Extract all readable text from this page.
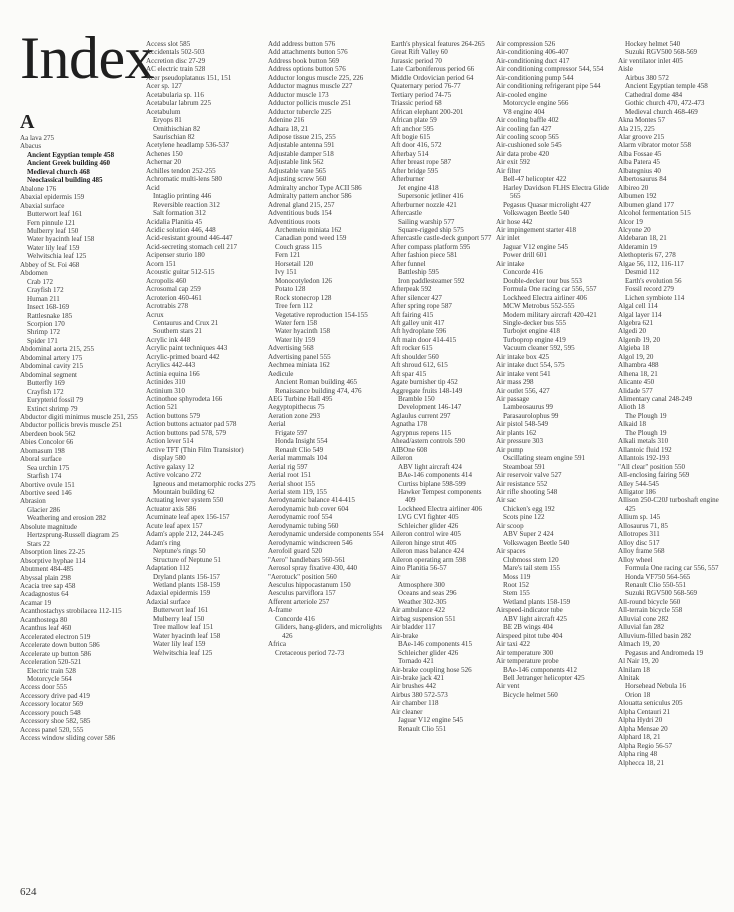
Index
A
Aa lava 275
Abacus
Ancient Egyptian temple 458
Ancient Greek building 460
Medieval church 468
Neoclassical building 485
Abalone 176
Abaxial epidermis 159
Abaxial surface
Butterwort leaf 161
Fern pinnule 121
Mulberry leaf 150
Water hyacinth leaf 158
Water lily leaf 159
Welwitschia leaf 125
Abbey of St. Foi 468
Abdomen
Crab 172
Crayfish 172
Human 211
Insect 168-169
Rattlesnake 185
Scorpion 170
Shrimp 172
Spider 171
Abdominal aorta 215, 255
Abdominal artery 175
Abdominal cavity 215
Abdominal segment
Butterfly 169
Crayfish 172
Eurypterid fossil 79
Extinct shrimp 79
Abductor digiti minimus muscle 251, 255
Abductor pollicis brevis muscle 251
Aberdeen book 562
Abies Concolor 66
Abomasum 198
Aboral surface
Sea urchin 175
Starfish 174
Abortive ovule 151
Abortive seed 146
Abrasion
Glacier 286
Weathering and erosion 282
Absolute magnitude
Hertzsprung-Russell diagram 25
Stars 22
Absorption lines 22-25
Absorptive hyphae 114
Abutment 484-485
Abyssal plain 298
Acacia tree sap 458
Acadagnostus 64
Acamar 19
Acanthostachys strobilacea 112-115
Acanthostega 80
Acanthus leaf 460
Accelerated electron 519
Accelerate down button 586
Accelerate up button 586
Acceleration 520-521
Electric train 528
Motorcycle 564
Access door 555
Accessory drive pad 419
Accessory locator 569
Accessory pouch 548
Accessory shoe 582, 585
Access panel 520, 555
Access window sliding cover 586
Access slot 585
Accidentals 502-503
Accretion disc 27-29
AC electric train 528
Acer pseudoplatanus 151, 151
Acer sp. 127
Acetabularia sp. 116
Acetabular labrum 225
Acetabulum
Eryops 81
Ornithischian 82
Saurischian 82
Acetylene headlamp 536-537
Achenes 150
Achernar 20
Achilles tendon 252-255
Achromatic multi-lens 580
Acid
Intaglio printing 446
Reversible reaction 312
Salt formation 312
Acidalia Planitia 45
Acidic solution 446, 448
Acid-resistant ground 446-447
Acid-secreting stomach cell 217
Acipenser sturio 180
Acorn 151
Acoustic guitar 512-515
Acropolis 460
Acrosomal cap 259
Acroterion 460-461
Acrotrabis 278
Acrux
Centaurus and Crux 21
Southern stars 21
Acrylic ink 448
Acrylic paint techniques 443
Acrylic-primed board 442
Acrylics 442-443
Actinia equina 166
Actinides 310
Actinium 310
Actinothoe sphyrodeta 166
Action 521
Action buttons 579
Action buttons actuator pad 578
Action buttons pad 578, 579
Action lever 514
Active TFT (Thin Film Transistor) display 580
Active galaxy 12
Active volcano 272
Igneous and metamorphic rocks 275
Mountain building 62
Actuating lever system 550
Actuator axis 586
Acuminate leaf apex 156-157
Acute leaf apex 157
Adam's apple 212, 244-245
Adam's ring
Neptune's rings 50
Structure of Neptune 51
Adaptation 112
Dryland plants 156-157
Wetland plants 158-159
Adaxial epidermis 159
Adaxial surface
Butterwort leaf 161
Mulberry leaf 150
Tree mallow leaf 151
Water hyacinth leaf 158
Water lily leaf 159
Welwitschia leaf 125
Add address button 576
Add attachments button 576
Address book button 569
Address options button 576
Adductor longus muscle 225, 226
Adductor magnus muscle 227
Adductor muscle 173
Adductor pollicis muscle 251
Adductor tubercle 225
Adenine 216
Adhara 18, 21
Adipose tissue 215, 255
Adjustable antenna 591
Adjustable damper 518
Adjustable link 562
Adjustable vane 565
Adjusting screw 560
Admiralty anchor Type ACII 586
Admiralty pattern anchor 586
Adrenal gland 215, 257
Adventitious buds 154
Adventitious roots
Archemeiu miniata 162
Canadian pond weed 159
Couch grass 115
Fern 121
Horsetail 120
Ivy 151
Monocotyledon 126
Potato 128
Rock stonecrop 128
Tree fern 112
Vegetative reproduction 154-155
Water fern 158
Water hyacinth 158
Water lily 159
Advertising 568
Advertising panel 555
Aechmea miniata 162
Aedicule
Ancient Roman building 465
Renaissance building 474, 476
AEG Turbine Hall 495
Aegyptopithecus 75
Aeration zone 293
Aerial
Frigate 597
Honda Insight 554
Renault Clio 549
Aerial mammals 104
Aerial rig 597
Aerial root 151
Aerial shoot 155
Aerial stem 119, 155
Aerodynamic balance 414-415
Aerodynamic hub cover 604
Aerodynamic roof 554
Aerodynamic tubing 560
Aerodynamic underside components 554
Aerodynamic windscreen 546
Aerofoil guard 520
"Aero" handlebars 560-561
Aerosol spray fixative 430, 440
"Aerotuck" position 560
Aesculus hippocastanum 150
Aesculus parviflora 157
Afferent arteriole 257
A-frame
Concorde 416
Gliders, hang-gliders, and microlights 426
Africa
Cretaceous period 72-73
Earth's physical features 264-265
Great Rift Valley 60
Jurassic period 70
Late Carboniferous period 66
Middle Ordovician period 64
Quaternary period 76-77
Tertiary period 74-75
Triassic period 68
African elephant 200-201
African plate 59
Aft anchor 595
Aft bogie 615
Aft door 416, 572
Afterbay 514
After breast rope 587
After bridge 595
Afterburner
Jet engine 418
Supersonic jetliner 416
Afterburner nozzle 421
Aftercastle
Sailing warship 577
Square-rigged ship 575
Aftercastle castle-deck gunport 577
After compass platform 595
After fashion piece 581
After funnel
Battleship 595
Iron paddlesteamer 592
Afterpeak 592
After silencer 427
After spring rope 587
Aft fairing 415
Aft galley unit 417
Aft hydroplane 596
Aft main door 414-415
Aft rocker 615
Aft shoulder 560
Aft shroud 612, 615
Aft spar 415
Agate burnisher tip 452
Aggregate fruits 148-149
Bramble 150
Development 146-147
Aglaulus current 297
Agnatha 178
Agrypnus repens 115
Ahead/astern controls 590
AIBOne 608
Aileron
ABV light aircraft 424
BAe-146 components 414
Curtiss biplane 598-599
Hawker Tempest components 409
Lockheed Electra airliner 406
LVG CVI fighter 405
Schleicher glider 426
Aileron control wire 405
Aileron hinge strut 405
Aileron mass balance 424
Aileron operating arm 598
Aino Planitia 56-57
Air
Atmosphere 300
Oceans and seas 296
Weather 302-305
Air ambulance 422
Airbag suspension 551
Air bladder 117
Air-brake
BAe-146 components 415
Schleicher glider 426
Tornado 421
Air-brake coupling hose 526
Air-brake jack 421
Air brushes 442
Airbus 380 572-573
Air chamber 118
Air cleaner
Jaguar V12 engine 545
Renault Clio 551
Air compression 526
Air-conditioning 406-407
Air-conditioning duct 417
Air conditioning compressor 544, 554
Air-conditioning pump 544
Air conditioning refrigerant pipe 544
Air-cooled engine
Motorcycle engine 566
V8 engine 404
Air cooling baffle 402
Air cooling fan 427
Air cooling scoop 565
Air-cushioned sole 545
Air data probe 420
Air exit 592
Air filter
Bell-47 helicopter 422
Harley Davidson FLHS Electra Glide 565
Pegasus Quasar microlight 427
Volkswagen Beetle 540
Air hose 442
Air impingement starter 418
Air inlet
Jaguar V12 engine 545
Power drill 601
Air intake
Concorde 416
Double-decker tour bus 553
Formula One racing car 556, 557
Lockheed Electra airliner 406
MCW Metrobus 552-555
Modern military aircraft 420-421
Single-decker bus 555
Turbojet engine 418
Turboprop engine 419
Vacuum cleaner 592, 595
Air intake box 425
Air intake duct 554, 575
Air intake vent 541
Air mass 298
Air outlet 556, 427
Air passage
Lambeosaurus 99
Parasaurolophus 99
Air pistol 548-549
Air plants 162
Air pressure 303
Air pump
Oscillating steam engine 591
Steamboat 591
Air reservoir valve 527
Air resistance 552
Air rifle shooting 548
Air sac
Chicken's egg 192
Scots pine 122
Air scoop
ABV Super 2 424
Volkswagen Beetle 540
Air spaces
Clubmoss stem 120
Mare's tail stem 155
Moss 119
Root 152
Stem 155
Wetland plants 158-159
Airspeed-indicator tube
ABV light aircraft 425
BE 2B wings 404
Airspeed pitot tube 404
Air taxi 422
Air temperature 300
Air temperature probe
BAe-146 components 412
Bell Jetranger helicopter 425
Air vent
Bicycle helmet 560
Hockey helmet 540
Suzuki RGV500 568-569
Air ventilator inlet 405
Aisle
Airbus 380 572
Ancient Egyptian temple 458
Cathedral dome 484
Gothic church 470, 472-473
Medieval church 468-469
Akna Montes 57
Ala 215, 225
Alar groove 215
Alarm vibrator motor 558
Alba Fossae 45
Alba Patera 45
Albategnius 40
Albertosaurus 84
Albireo 20
Albumen 192
Albumen gland 177
Alcohol fermentation 515
Alcor 19
Alcyone 20
Aldebaran 18, 21
Alderamin 19
Alethopteris 67, 278
Algae 56, 112, 116-117
Desmid 112
Earth's evolution 56
Fossil record 279
Lichen symbiote 114
Algal cell 114
Algal layer 114
Algebra 621
Algedi 20
Algenib 19, 20
Algieba 18
Algol 19, 20
Alhambra 488
Alhena 18, 21
Alicante 450
Alidade 577
Alimentary canal 248-249
Alioth 18
The Plough 19
Alkaid 18
The Plough 19
Alkali metals 310
Allantoic fluid 192
Allantois 192-193
"All clear" position 550
All-enclosing fairing 569
Alley 544-545
Alligator 186
Allison 250-C20J turboshaft engine 425
Allium sp. 145
Allosaurus 71, 85
Allotropes 311
Alloy disc 517
Alloy frame 568
Alloy wheel
Formula One racing car 556, 557
Honda VF750 564-565
Renault Clio 550-551
Suzuki RGV500 568-569
All-round bicycle 560
All-terrain bicycle 558
Alluvial cone 282
Alluvial fan 282
Alluvium-filled basin 282
Almach 19, 20
Pegasus and Andromeda 19
Al Nair 19, 20
Alnilam 18
Alnitak
Horsehead Nebula 16
Orion 18
Alouatta seniculus 205
Alpha Centauri 21
Alpha Hydri 20
Alpha Mensae 20
Alphard 18, 21
Alpha Regio 56-57
Alpha ring 48
Alphecca 18, 21
624
